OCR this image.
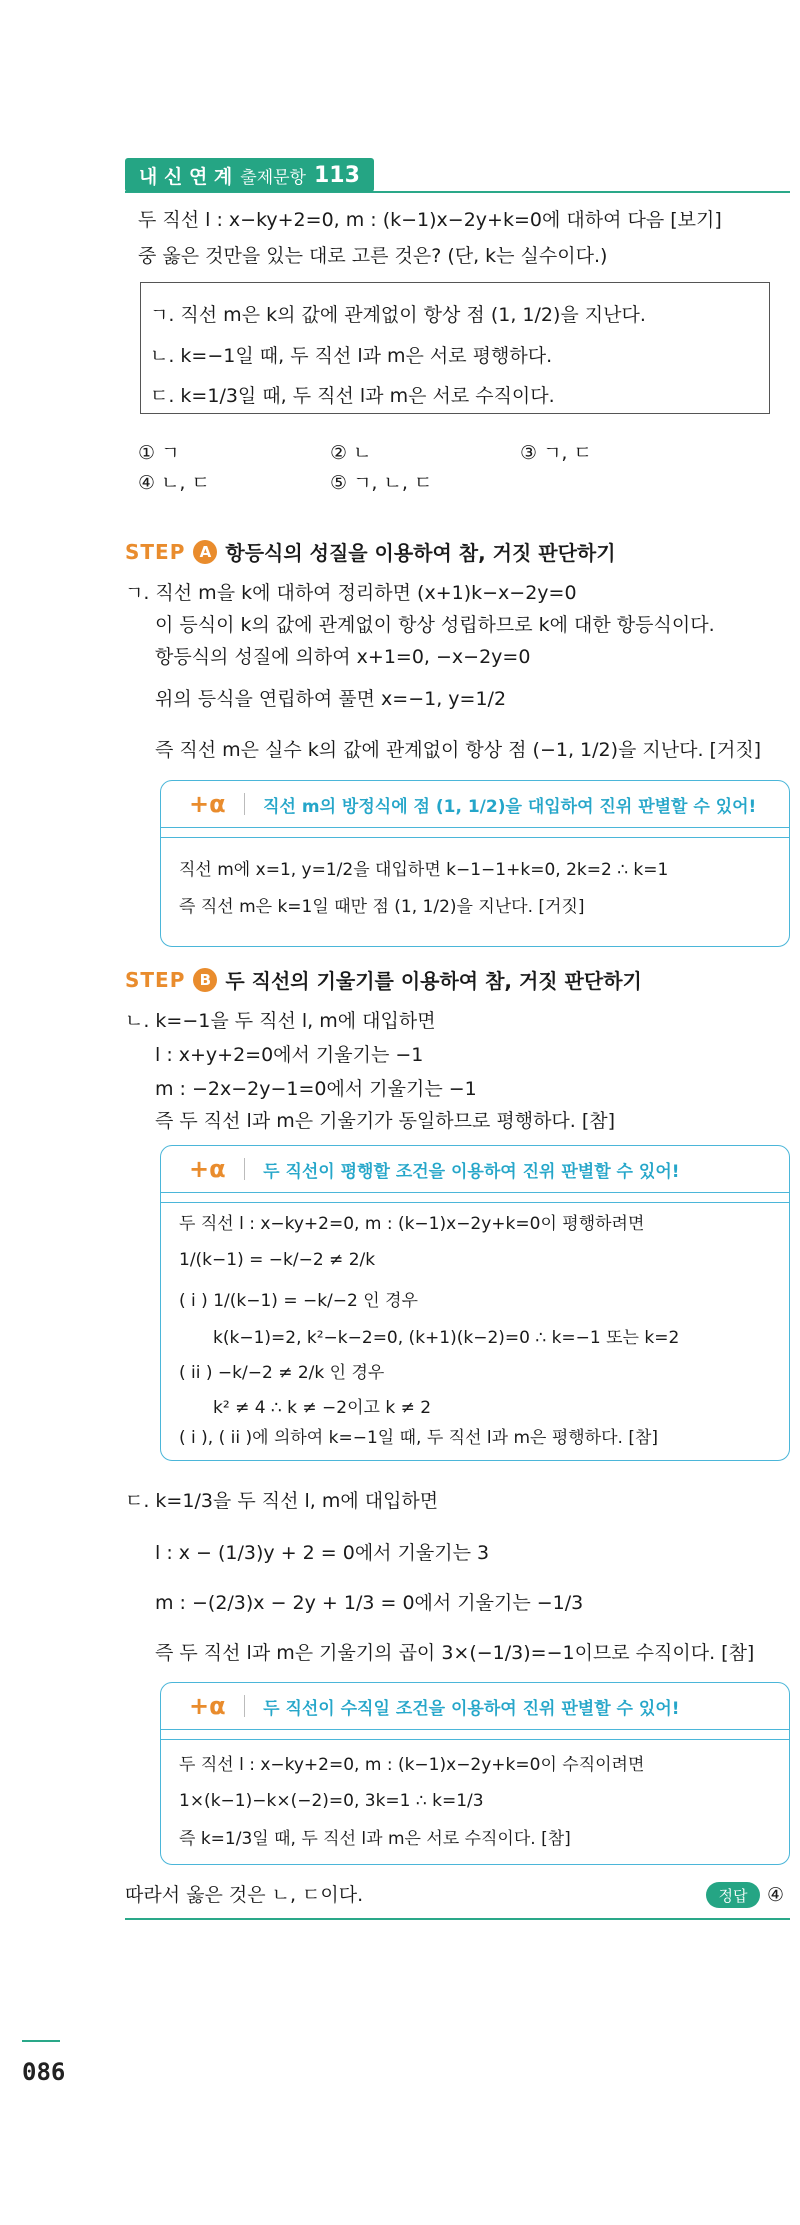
내 신 연 계 출제문항 113
두 직선 l : x−ky+2=0, m : (k−1)x−2y+k=0에 대하여 다음 [보기]
중 옳은 것만을 있는 대로 고른 것은? (단, k는 실수이다.)
ㄱ. 직선 m은 k의 값에 관계없이 항상 점 (1, 1/2)을 지난다.
ㄴ. k=−1일 때, 두 직선 l과 m은 서로 평행하다.
ㄷ. k=1/3일 때, 두 직선 l과 m은 서로 수직이다.
① ㄱ	② ㄴ	③ ㄱ, ㄷ
④ ㄴ, ㄷ	⑤ ㄱ, ㄴ, ㄷ
STEP A 항등식의 성질을 이용하여 참, 거짓 판단하기
ㄱ. 직선 m을 k에 대하여 정리하면 (x+1)k−x−2y=0
이 등식이 k의 값에 관계없이 항상 성립하므로 k에 대한 항등식이다.
항등식의 성질에 의하여 x+1=0, −x−2y=0
위의 등식을 연립하여 풀면 x=−1, y=1/2
즉 직선 m은 실수 k의 값에 관계없이 항상 점 (−1, 1/2)을 지난다. [거짓]
+α 직선 m의 방정식에 점 (1, 1/2)을 대입하여 진위 판별할 수 있어!
직선 m에 x=1, y=1/2을 대입하면 k−1−1+k=0, 2k=2 ∴ k=1
즉 직선 m은 k=1일 때만 점 (1, 1/2)을 지난다. [거짓]
STEP B 두 직선의 기울기를 이용하여 참, 거짓 판단하기
ㄴ. k=−1을 두 직선 l, m에 대입하면
l : x+y+2=0에서 기울기는 −1
m : −2x−2y−1=0에서 기울기는 −1
즉 두 직선 l과 m은 기울기가 동일하므로 평행하다. [참]
+α 두 직선이 평행할 조건을 이용하여 진위 판별할 수 있어!
두 직선 l : x−ky+2=0, m : (k−1)x−2y+k=0이 평행하려면
1/(k−1) = −k/−2 ≠ 2/k
( i ) 1/(k−1) = −k/−2 인 경우
k(k−1)=2, k²−k−2=0, (k+1)(k−2)=0 ∴ k=−1 또는 k=2
( ii ) −k/−2 ≠ 2/k 인 경우
k² ≠ 4 ∴ k ≠ −2이고 k ≠ 2
( i ), ( ii )에 의하여 k=−1일 때, 두 직선 l과 m은 평행하다. [참]
ㄷ. k=1/3을 두 직선 l, m에 대입하면
l : x − (1/3)y + 2 = 0에서 기울기는 3
m : −(2/3)x − 2y + 1/3 = 0에서 기울기는 −1/3
즉 두 직선 l과 m은 기울기의 곱이 3×(−1/3)=−1이므로 수직이다. [참]
+α 두 직선이 수직일 조건을 이용하여 진위 판별할 수 있어!
두 직선 l : x−ky+2=0, m : (k−1)x−2y+k=0이 수직이려면
1×(k−1)−k×(−2)=0, 3k=1 ∴ k=1/3
즉 k=1/3일 때, 두 직선 l과 m은 서로 수직이다. [참]
따라서 옳은 것은 ㄴ, ㄷ이다.	정답	④
086
